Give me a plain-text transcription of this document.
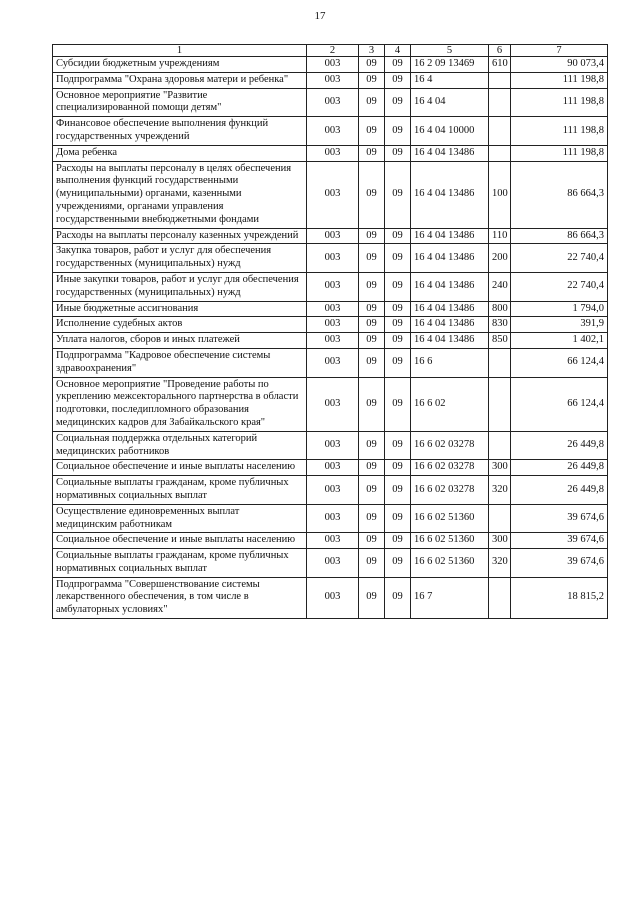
17
1	2	3	4	5	6	7
Субсидии бюджетным учреждениям	003	09	09	16 2 09 13469	610	90 073,4
Подпрограмма "Охрана здоровья матери и ребенка"	003	09	09	16 4		111 198,8
Основное мероприятие "Развитие специализированной помощи детям"	003	09	09	16 4 04		111 198,8
Финансовое обеспечение выполнения функций государственных учреждений	003	09	09	16 4 04 10000		111 198,8
Дома ребенка	003	09	09	16 4 04 13486		111 198,8
Расходы на выплаты персоналу в целях обеспечения выполнения функций государственными (муниципальными) органами, казенными учреждениями, органами управления государственными внебюджетными фондами	003	09	09	16 4 04 13486	100	86 664,3
Расходы на выплаты персоналу казенных учреждений	003	09	09	16 4 04 13486	110	86 664,3
Закупка товаров, работ и услуг для обеспечения государственных (муниципальных) нужд	003	09	09	16 4 04 13486	200	22 740,4
Иные закупки товаров, работ и услуг для обеспечения государственных (муниципальных) нужд	003	09	09	16 4 04 13486	240	22 740,4
Иные бюджетные ассигнования	003	09	09	16 4 04 13486	800	1 794,0
Исполнение судебных актов	003	09	09	16 4 04 13486	830	391,9
Уплата налогов, сборов и иных платежей	003	09	09	16 4 04 13486	850	1 402,1
Подпрограмма "Кадровое обеспечение системы здравоохранения"	003	09	09	16 6		66 124,4
Основное мероприятие "Проведение работы по укреплению межсекторального партнерства в области подготовки, последипломного образования медицинских кадров для Забайкальского края"	003	09	09	16 6 02		66 124,4
Социальная поддержка отдельных категорий медицинских работников	003	09	09	16 6 02 03278		26 449,8
Социальное обеспечение и иные выплаты населению	003	09	09	16 6 02 03278	300	26 449,8
Социальные выплаты гражданам, кроме публичных нормативных социальных выплат	003	09	09	16 6 02 03278	320	26 449,8
Осуществление единовременных выплат медицинским работникам	003	09	09	16 6 02 51360		39 674,6
Социальное обеспечение и иные выплаты населению	003	09	09	16 6 02 51360	300	39 674,6
Социальные выплаты гражданам, кроме публичных нормативных социальных выплат	003	09	09	16 6 02 51360	320	39 674,6
Подпрограмма "Совершенствование системы лекарственного обеспечения, в том числе в амбулаторных условиях"	003	09	09	16 7		18 815,2
